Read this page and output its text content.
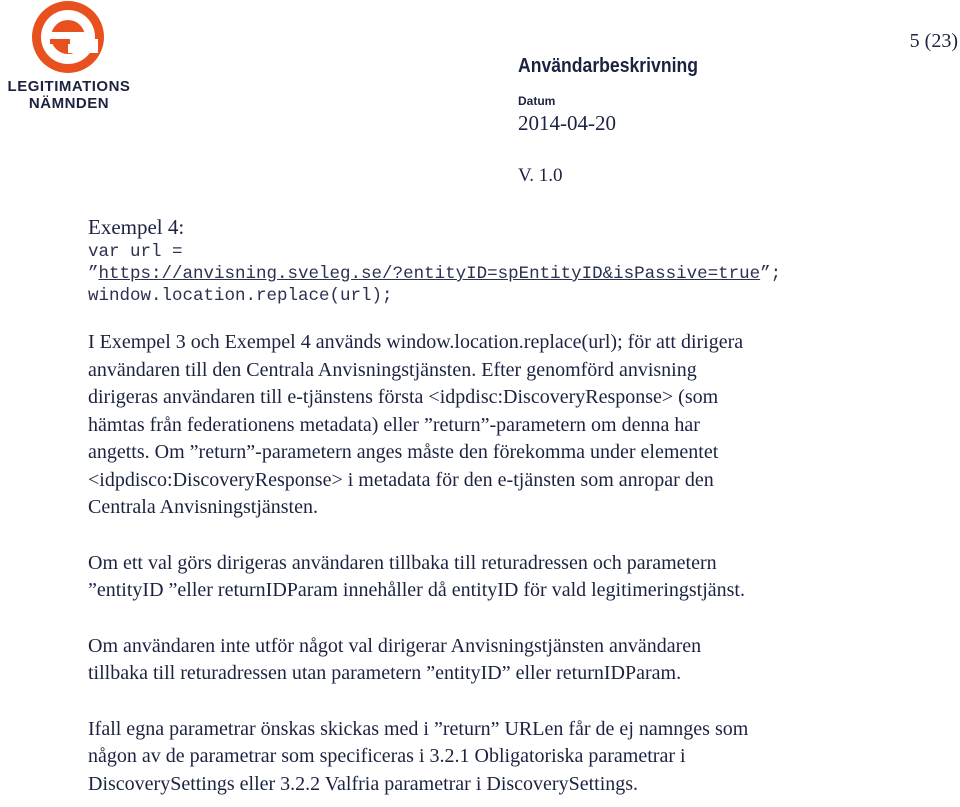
LEGITIMATIONS
NÄMNDEN
5 (23)
Användarbeskrivning
Datum
2014-04-20
V. 1.0

Exempel 4:

var url =
”https://anvisning.sveleg.se/?entityID=spEntityID&isPassive=true”;
window.location.replace(url);
I Exempel 3 och Exempel 4 används window.location.replace(url); för att dirigera
användaren till den Centrala Anvisningstjänsten. Efter genomförd anvisning
dirigeras användaren till e-tjänstens första <idpdisc:DiscoveryResponse> (som
hämtas från federationens metadata) eller ”return”-parametern om denna har
angetts. Om ”return”-parametern anges måste den förekomma under elementet
<idpdisco:DiscoveryResponse> i metadata för den e-tjänsten som anropar den
Centrala Anvisningstjänsten.
Om ett val görs dirigeras användaren tillbaka till returadressen och parametern
”entityID ”eller returnIDParam innehåller då entityID för vald legitimeringstjänst.
Om användaren inte utför något val dirigerar Anvisningstjänsten användaren
tillbaka till returadressen utan parametern ”entityID” eller returnIDParam.
Ifall egna parametrar önskas skickas med i ”return” URLen får de ej namnges som
någon av de parametrar som specificeras i 3.2.1 Obligatoriska parametrar i
DiscoverySettings eller 3.2.2 Valfria parametrar i DiscoverySettings.
